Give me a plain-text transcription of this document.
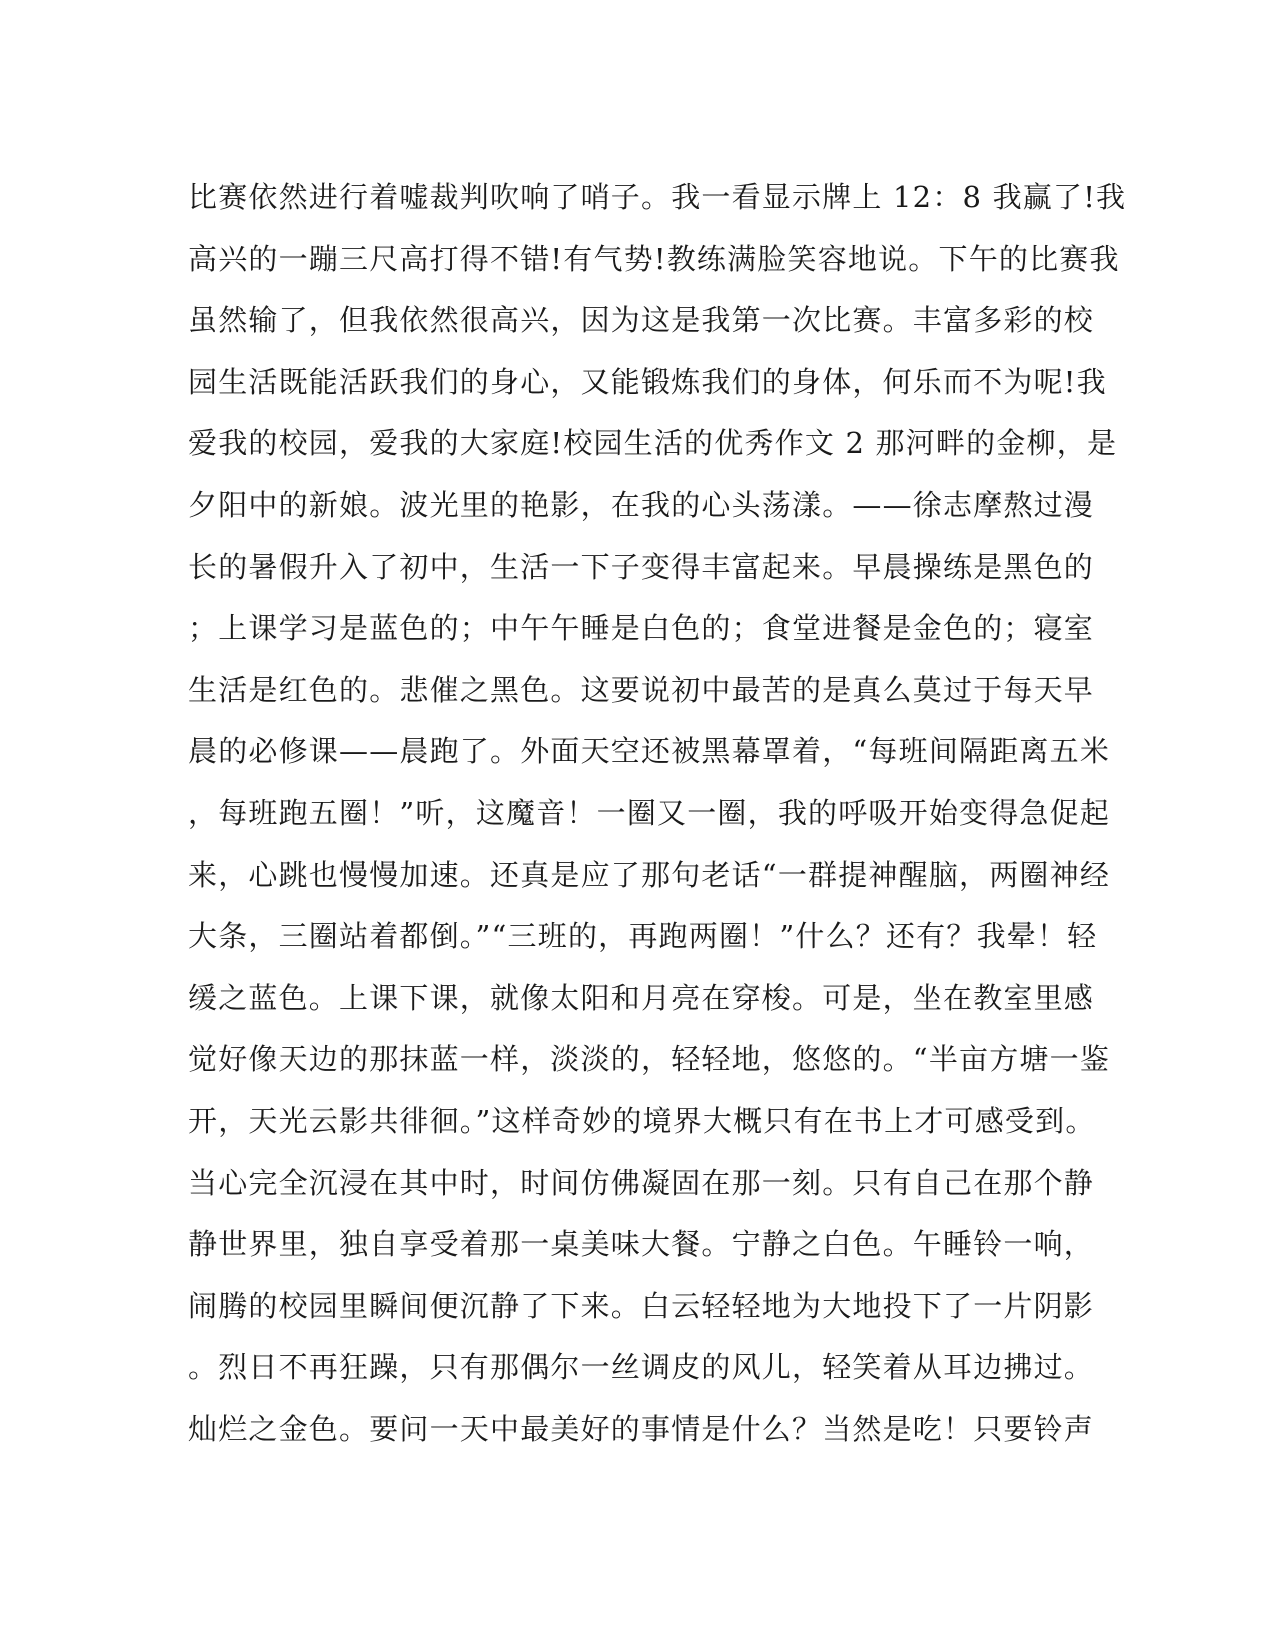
比赛依然进行着嘘裁判吹响了哨子。我一看显示牌上 12：8 我赢了!我
高兴的一蹦三尺高打得不错!有气势!教练满脸笑容地说。下午的比赛我
虽然输了，但我依然很高兴，因为这是我第一次比赛。丰富多彩的校
园生活既能活跃我们的身心，又能锻炼我们的身体，何乐而不为呢!我
爱我的校园，爱我的大家庭!校园生活的优秀作文 2 那河畔的金柳，是
夕阳中的新娘。波光里的艳影，在我的心头荡漾。——徐志摩熬过漫
长的暑假升入了初中，生活一下子变得丰富起来。早晨操练是黑色的
；上课学习是蓝色的；中午午睡是白色的；食堂进餐是金色的；寝室
生活是红色的。悲催之黑色。这要说初中最苦的是真么莫过于每天早
晨的必修课——晨跑了。外面天空还被黑幕罩着，“每班间隔距离五米
，每班跑五圈！”听，这魔音！一圈又一圈，我的呼吸开始变得急促起
来，心跳也慢慢加速。还真是应了那句老话“一群提神醒脑，两圈神经
大条，三圈站着都倒。”“三班的，再跑两圈！”什么？还有？我晕！轻
缓之蓝色。上课下课，就像太阳和月亮在穿梭。可是，坐在教室里感
觉好像天边的那抹蓝一样，淡淡的，轻轻地，悠悠的。“半亩方塘一鉴
开，天光云影共徘徊。”这样奇妙的境界大概只有在书上才可感受到。
当心完全沉浸在其中时，时间仿佛凝固在那一刻。只有自己在那个静
静世界里，独自享受着那一桌美味大餐。宁静之白色。午睡铃一响，
闹腾的校园里瞬间便沉静了下来。白云轻轻地为大地投下了一片阴影
。烈日不再狂躁，只有那偶尔一丝调皮的风儿，轻笑着从耳边拂过。
灿烂之金色。要问一天中最美好的事情是什么？当然是吃！只要铃声
